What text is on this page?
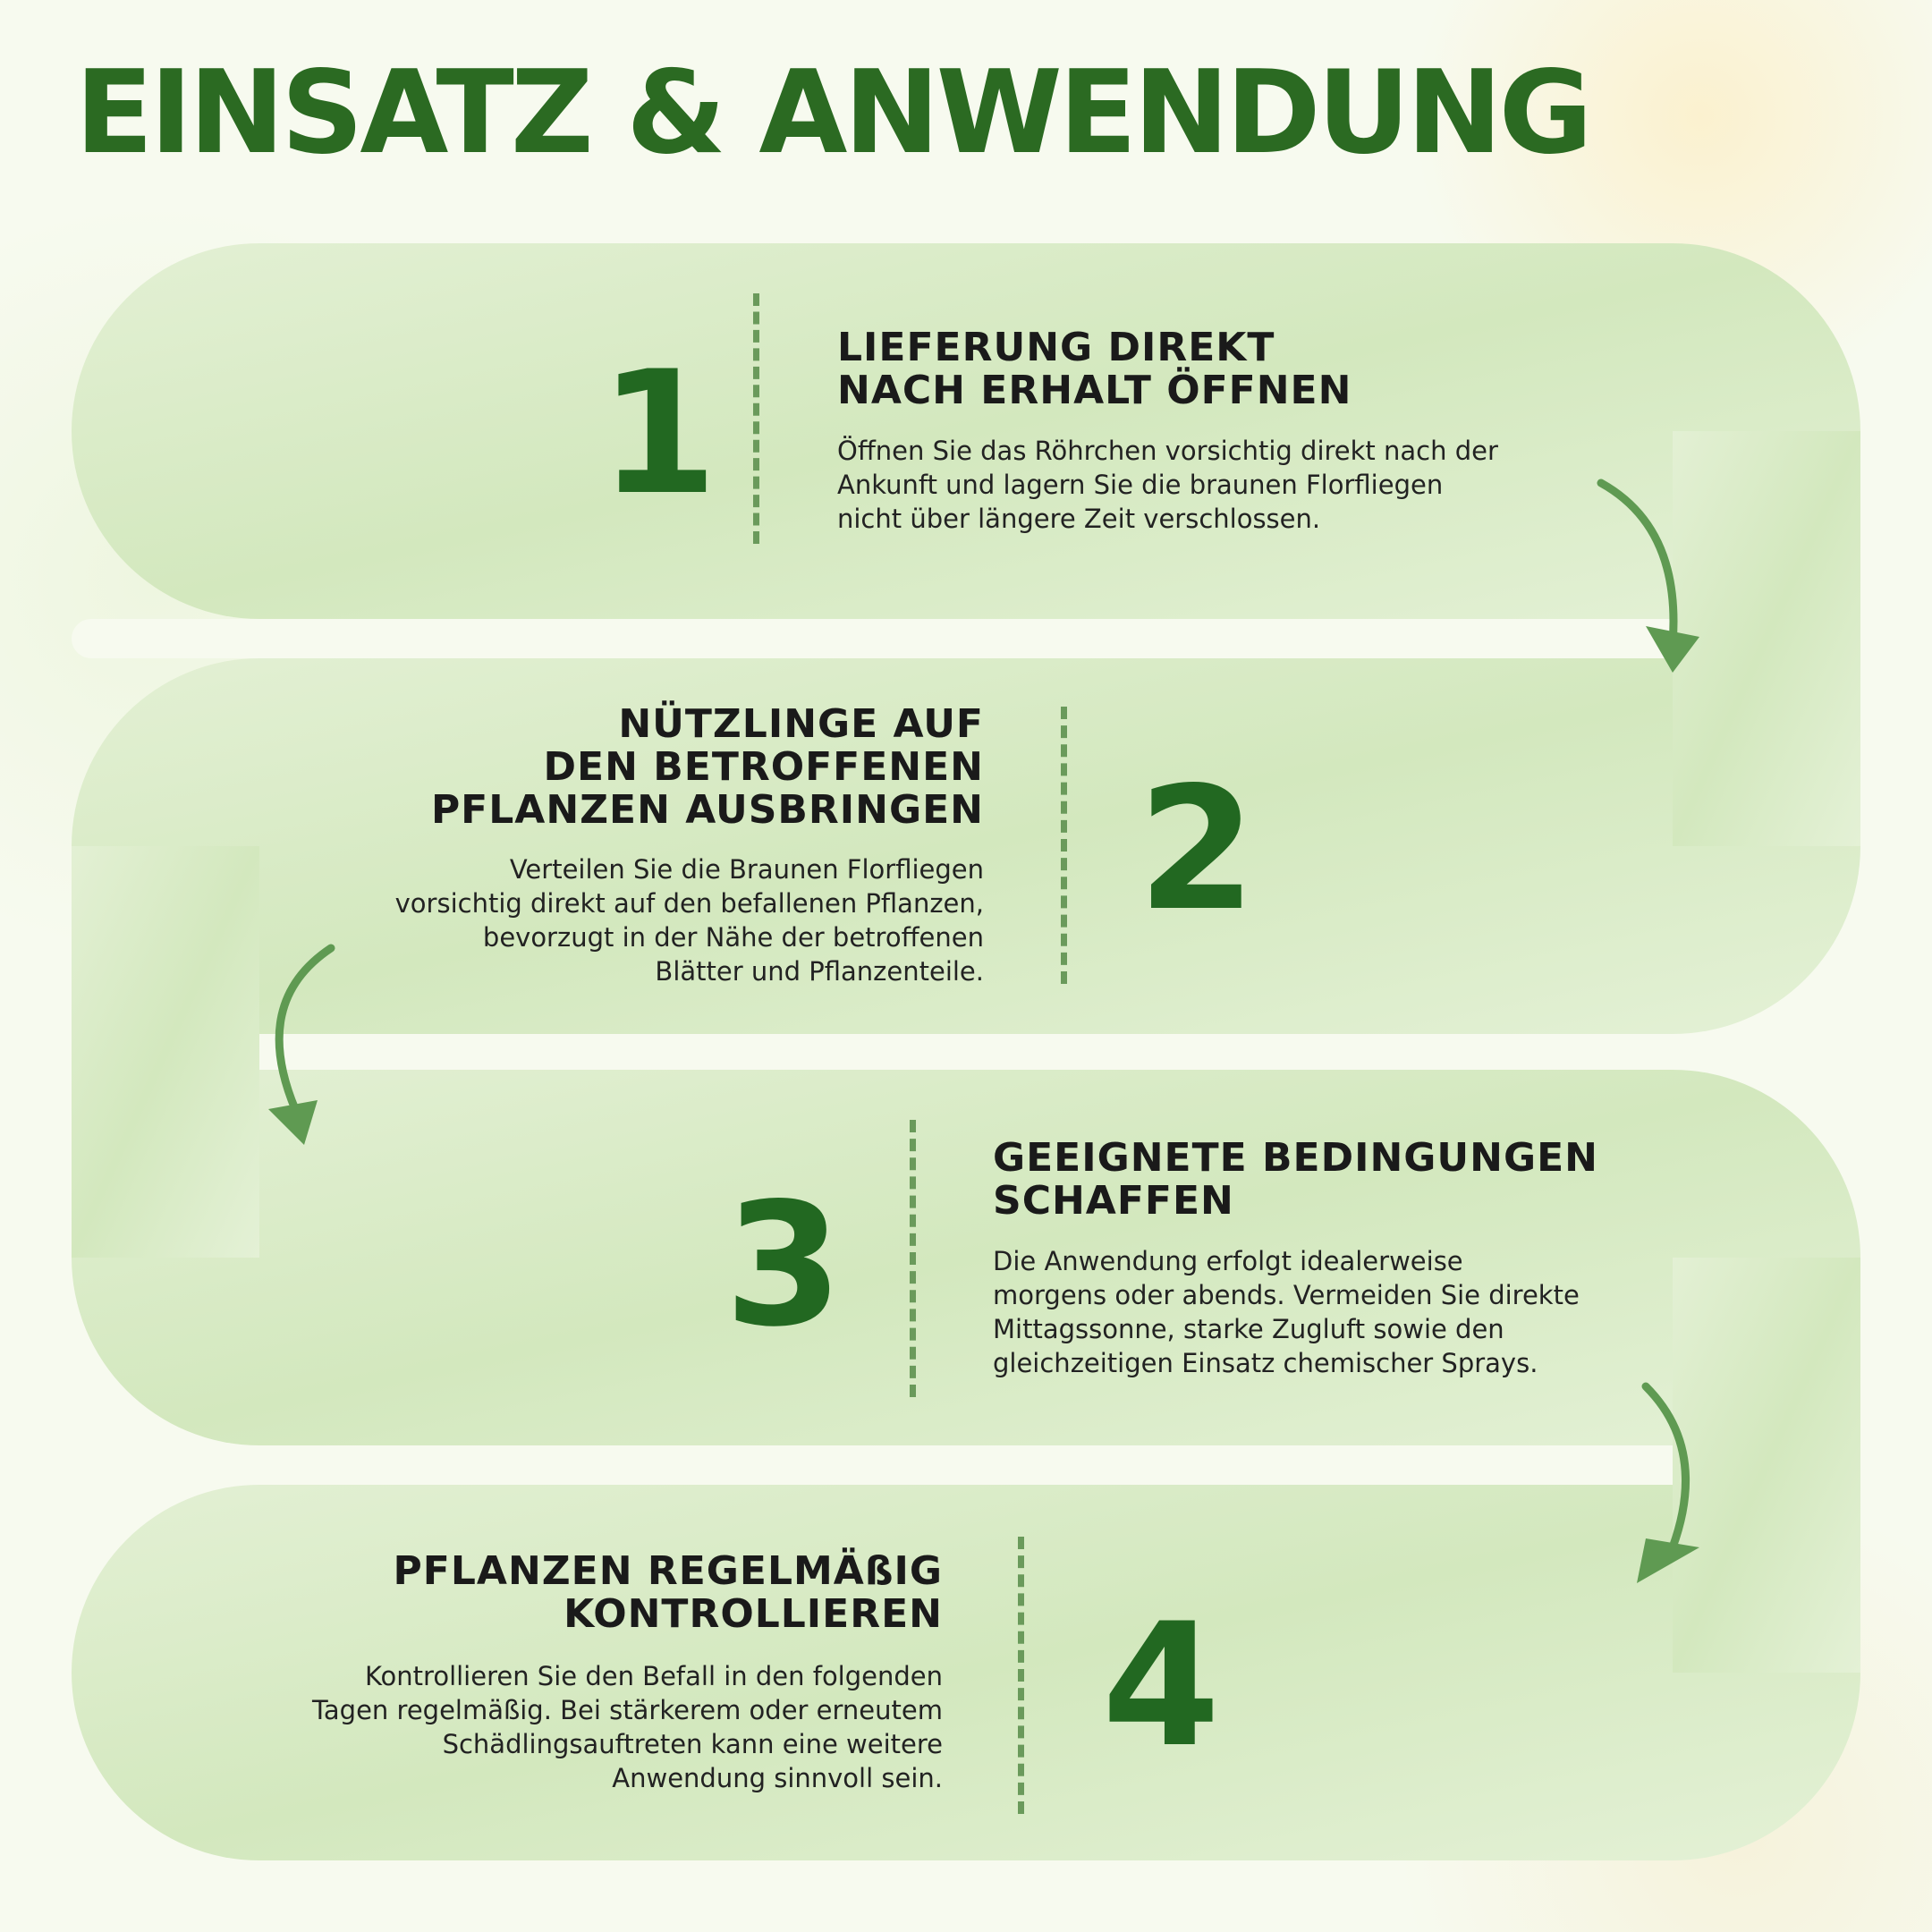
EINSATZ & ANWENDUNG
1	LIEFERUNG DIREKT
NACH ERHALT ÖFFNEN

Öffnen Sie das Röhrchen vorsichtig direkt nach der
Ankunft und lagern Sie die braunen Florfliegen
nicht über längere Zeit verschlossen.

NÜTZLINGE AUF
DEN BETROFFENEN
PFLANZEN AUSBRINGEN

Verteilen Sie die Braunen Florfliegen
vorsichtig direkt auf den befallenen Pflanzen,
bevorzugt in der Nähe der betroffenen
Blätter und Pflanzenteile.

2
3
GEEIGNETE BEDINGUNGEN
SCHAFFEN

Die Anwendung erfolgt idealerweise
morgens oder abends. Vermeiden Sie direkte
Mittagssonne, starke Zugluft sowie den
gleichzeitigen Einsatz chemischer Sprays.

PFLANZEN REGELMÄßIG
KONTROLLIEREN

Kontrollieren Sie den Befall in den folgenden
Tagen regelmäßig. Bei stärkerem oder erneutem
Schädlingsauftreten kann eine weitere
Anwendung sinnvoll sein. 4
